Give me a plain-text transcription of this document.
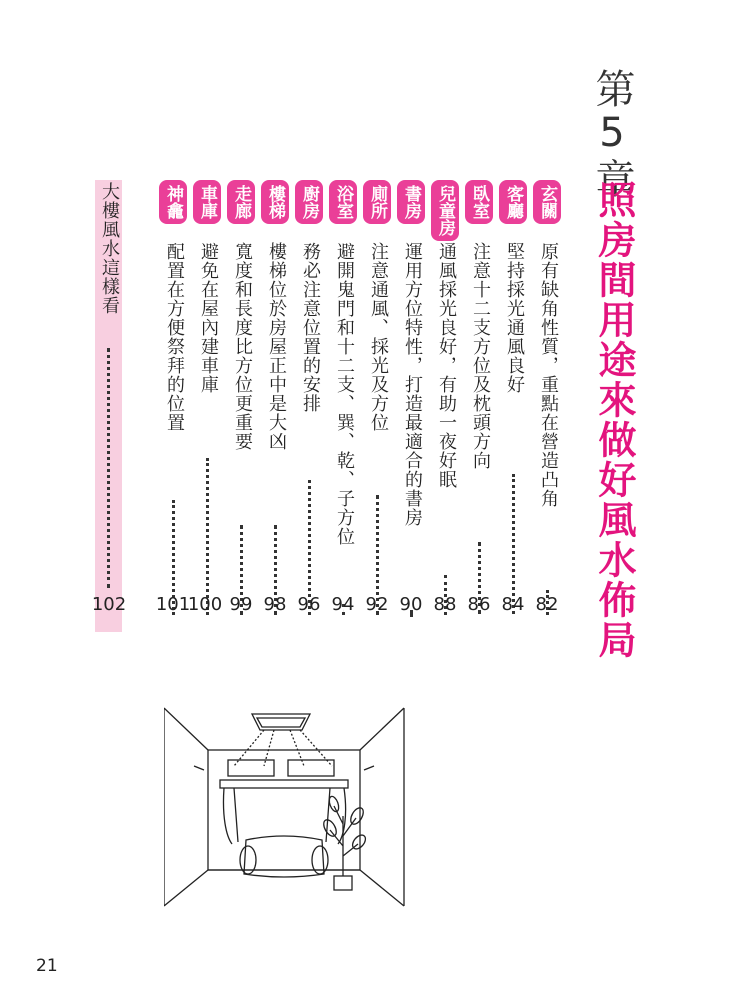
第5章
照房間用途來做好風水佈局
玄關
原有缺角性質，重點在營造凸角
客廳
堅持採光通風良好
臥室
注意十二支方位及枕頭方向
兒童房
通風採光良好，有助一夜好眠
書房
運用方位特性，打造最適合的書房
廁所
注意通風、採光及方位
浴室
避開鬼門和十二支、巽、乾、子方位
廚房
務必注意位置的安排
樓梯
樓梯位於房屋正中是大凶
走廊
寬度和長度比方位更重要
車庫
避免在屋內建車庫
神龕
配置在方便祭拜的位置
82
84
86
88
90
92
94
96
98
99
100
101
大樓風水這樣看
102
21
